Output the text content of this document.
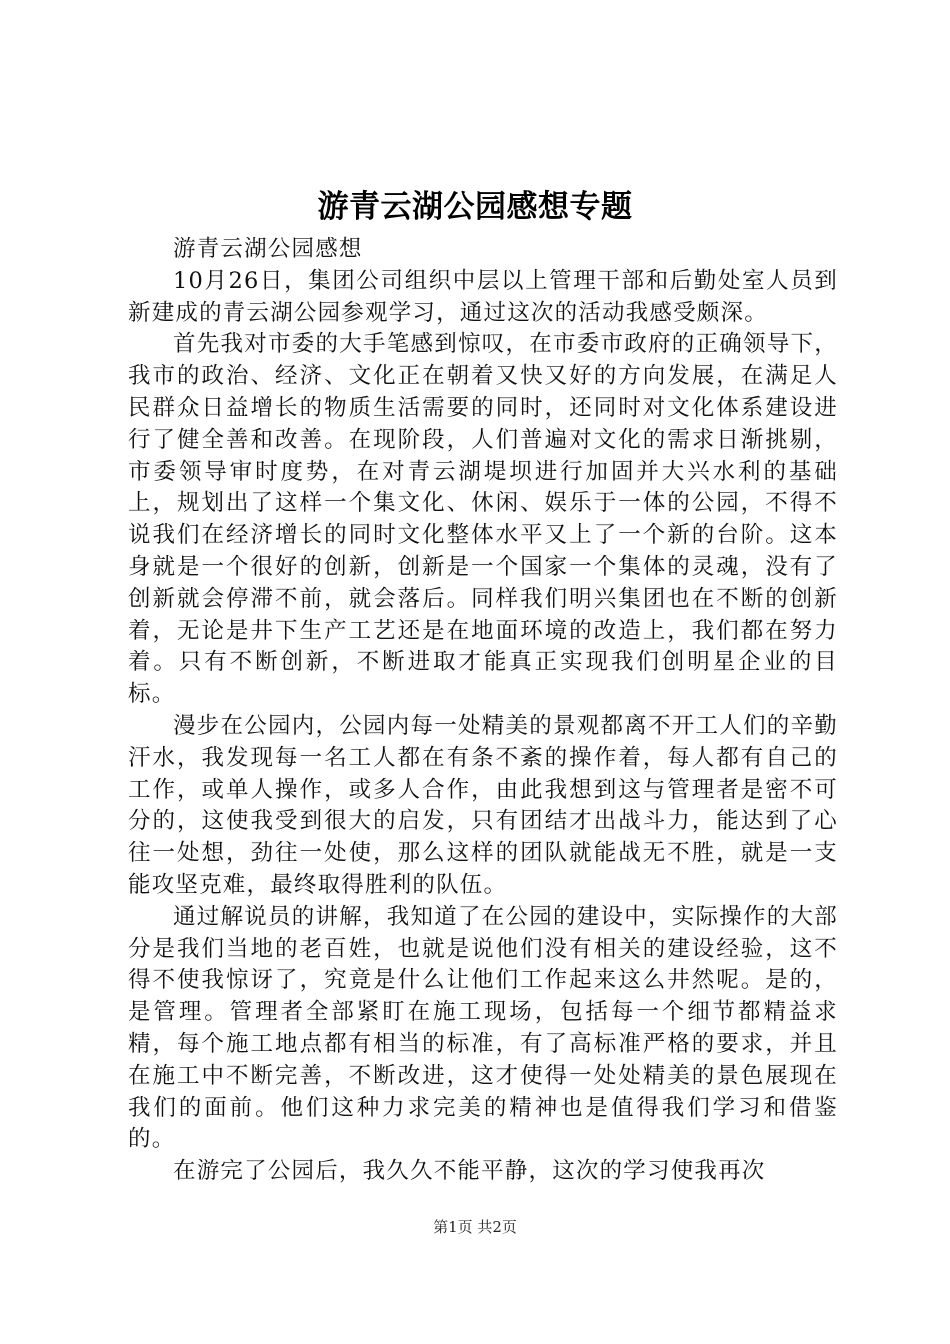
游青云湖公园感想专题

游青云湖公园感想

10月26日，集团公司组织中层以上管理干部和后勤处室人员到新建成的青云湖公园参观学习，通过这次的活动我感受颇深。

首先我对市委的大手笔感到惊叹，在市委市政府的正确领导下，我市的政治、经济、文化正在朝着又快又好的方向发展，在满足人民群众日益增长的物质生活需要的同时，还同时对文化体系建设进行了健全善和改善。在现阶段，人们普遍对文化的需求日渐挑剔，市委领导审时度势，在对青云湖堤坝进行加固并大兴水利的基础上，规划出了这样一个集文化、休闲、娱乐于一体的公园，不得不说我们在经济增长的同时文化整体水平又上了一个新的台阶。这本身就是一个很好的创新，创新是一个国家一个集体的灵魂，没有了创新就会停滞不前，就会落后。同样我们明兴集团也在不断的创新着，无论是井下生产工艺还是在地面环境的改造上，我们都在努力着。只有不断创新，不断进取才能真正实现我们创明星企业的目标。

漫步在公园内，公园内每一处精美的景观都离不开工人们的辛勤汗水，我发现每一名工人都在有条不紊的操作着，每人都有自己的工作，或单人操作，或多人合作，由此我想到这与管理者是密不可分的，这使我受到很大的启发，只有团结才出战斗力，能达到了心往一处想，劲往一处使，那么这样的团队就能战无不胜，就是一支能攻坚克难，最终取得胜利的队伍。

通过解说员的讲解，我知道了在公园的建设中，实际操作的大部分是我们当地的老百姓，也就是说他们没有相关的建设经验，这不得不使我惊讶了，究竟是什么让他们工作起来这么井然呢。是的，是管理。管理者全部紧盯在施工现场，包括每一个细节都精益求精，每个施工地点都有相当的标准，有了高标准严格的要求，并且在施工中不断完善，不断改进，这才使得一处处精美的景色展现在我们的面前。他们这种力求完美的精神也是值得我们学习和借鉴的。

在游完了公园后，我久久不能平静，这次的学习使我再次

第1页 共2页
